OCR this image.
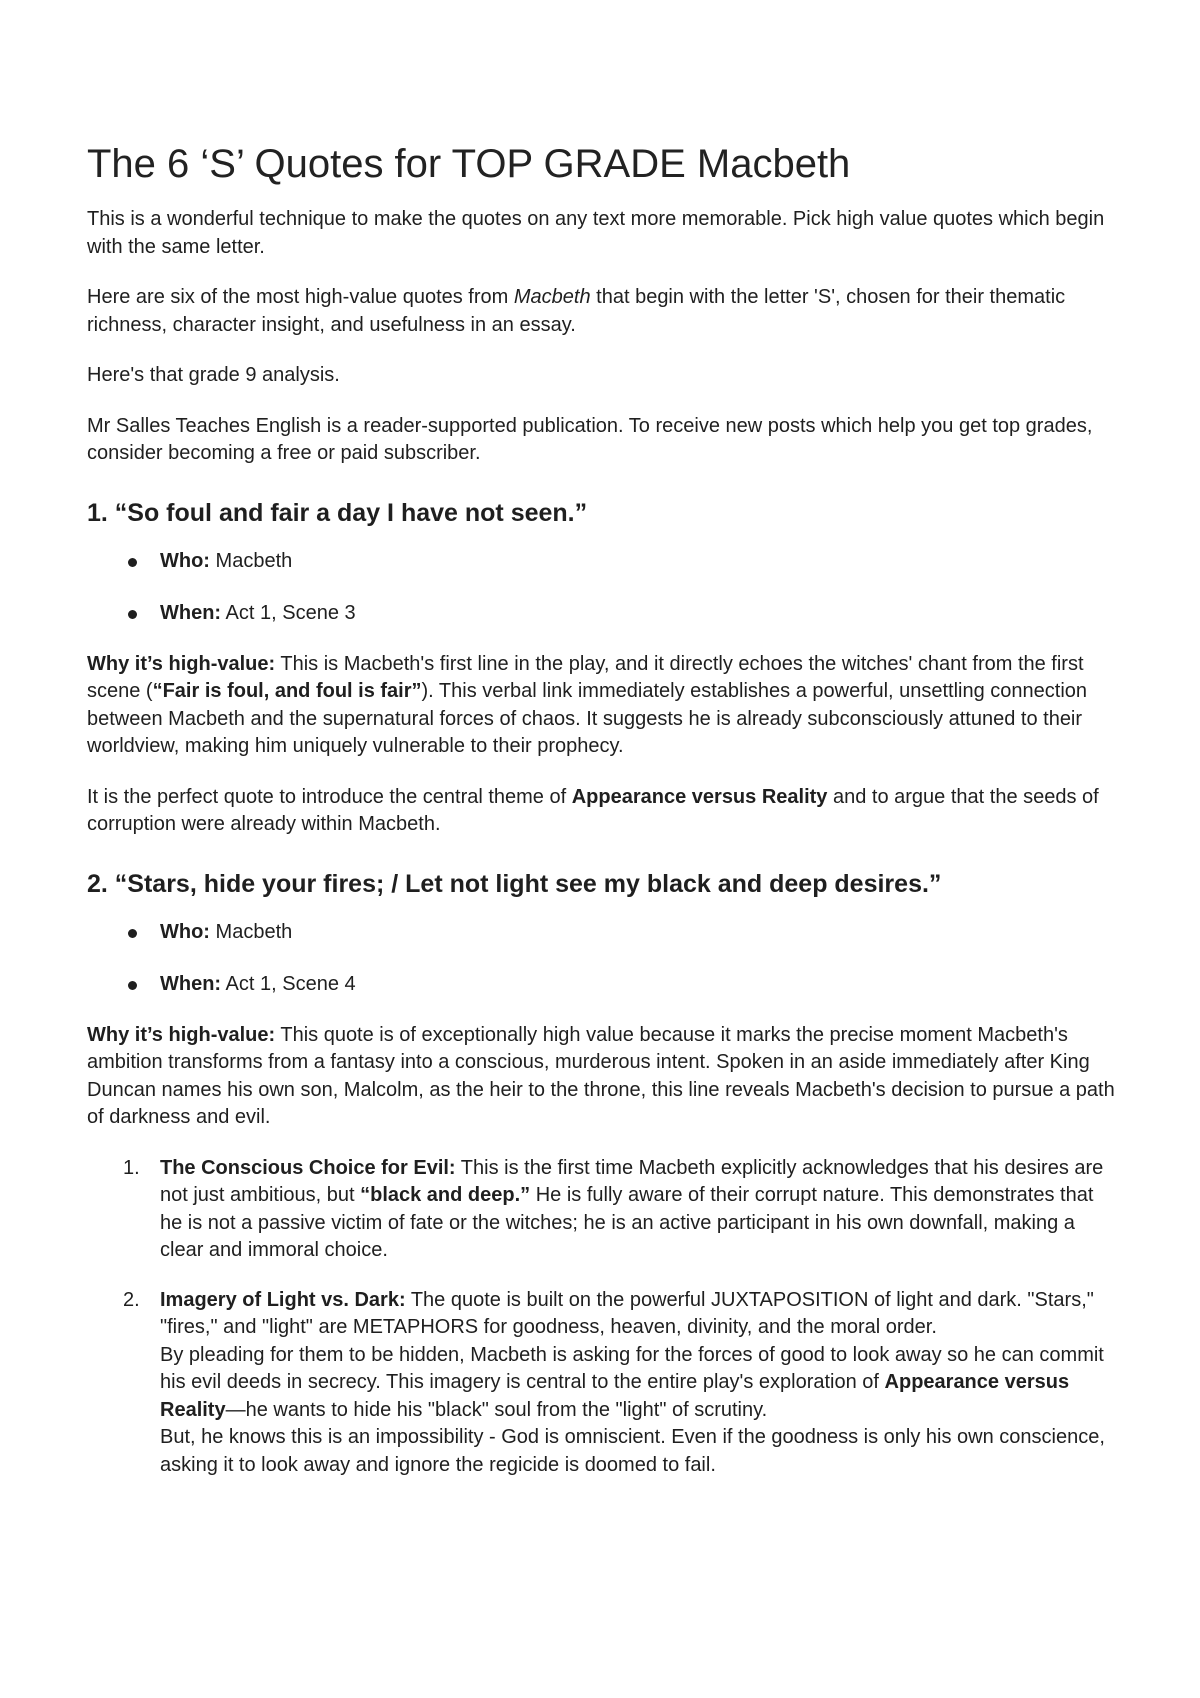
The 6 ‘S’ Quotes for TOP GRADE Macbeth

This is a wonderful technique to make the quotes on any text more memorable. Pick high value quotes which begin with the same letter.

Here are six of the most high-value quotes from Macbeth that begin with the letter 'S', chosen for their thematic richness, character insight, and usefulness in an essay.

Here's that grade 9 analysis.

Mr Salles Teaches English is a reader-supported publication. To receive new posts which help you get top grades, consider becoming a free or paid subscriber.

1. “So foul and fair a day I have not seen.”
Who: Macbeth
When: Act 1, Scene 3

Why it’s high-value: This is Macbeth's first line in the play, and it directly echoes the witches' chant from the first scene (“Fair is foul, and foul is fair”). This verbal link immediately establishes a powerful, unsettling connection between Macbeth and the supernatural forces of chaos. It suggests he is already subconsciously attuned to their worldview, making him uniquely vulnerable to their prophecy.

It is the perfect quote to introduce the central theme of Appearance versus Reality and to argue that the seeds of corruption were already within Macbeth.

2. “Stars, hide your fires; / Let not light see my black and deep desires.”
Who: Macbeth
When: Act 1, Scene 4

Why it’s high-value: This quote is of exceptionally high value because it marks the precise moment Macbeth's ambition transforms from a fantasy into a conscious, murderous intent. Spoken in an aside immediately after King Duncan names his own son, Malcolm, as the heir to the throne, this line reveals Macbeth's decision to pursue a path of darkness and evil.

1. The Conscious Choice for Evil: This is the first time Macbeth explicitly acknowledges that his desires are not just ambitious, but “black and deep.” He is fully aware of their corrupt nature. This demonstrates that he is not a passive victim of fate or the witches; he is an active participant in his own downfall, making a clear and immoral choice.
2. Imagery of Light vs. Dark: The quote is built on the powerful JUXTAPOSITION of light and dark. "Stars," "fires," and "light" are METAPHORS for goodness, heaven, divinity, and the moral order.
By pleading for them to be hidden, Macbeth is asking for the forces of good to look away so he can commit his evil deeds in secrecy. This imagery is central to the entire play's exploration of Appearance versus Reality—he wants to hide his "black" soul from the "light" of scrutiny.
But, he knows this is an impossibility - God is omniscient. Even if the goodness is only his own conscience, asking it to look away and ignore the regicide is doomed to fail.
